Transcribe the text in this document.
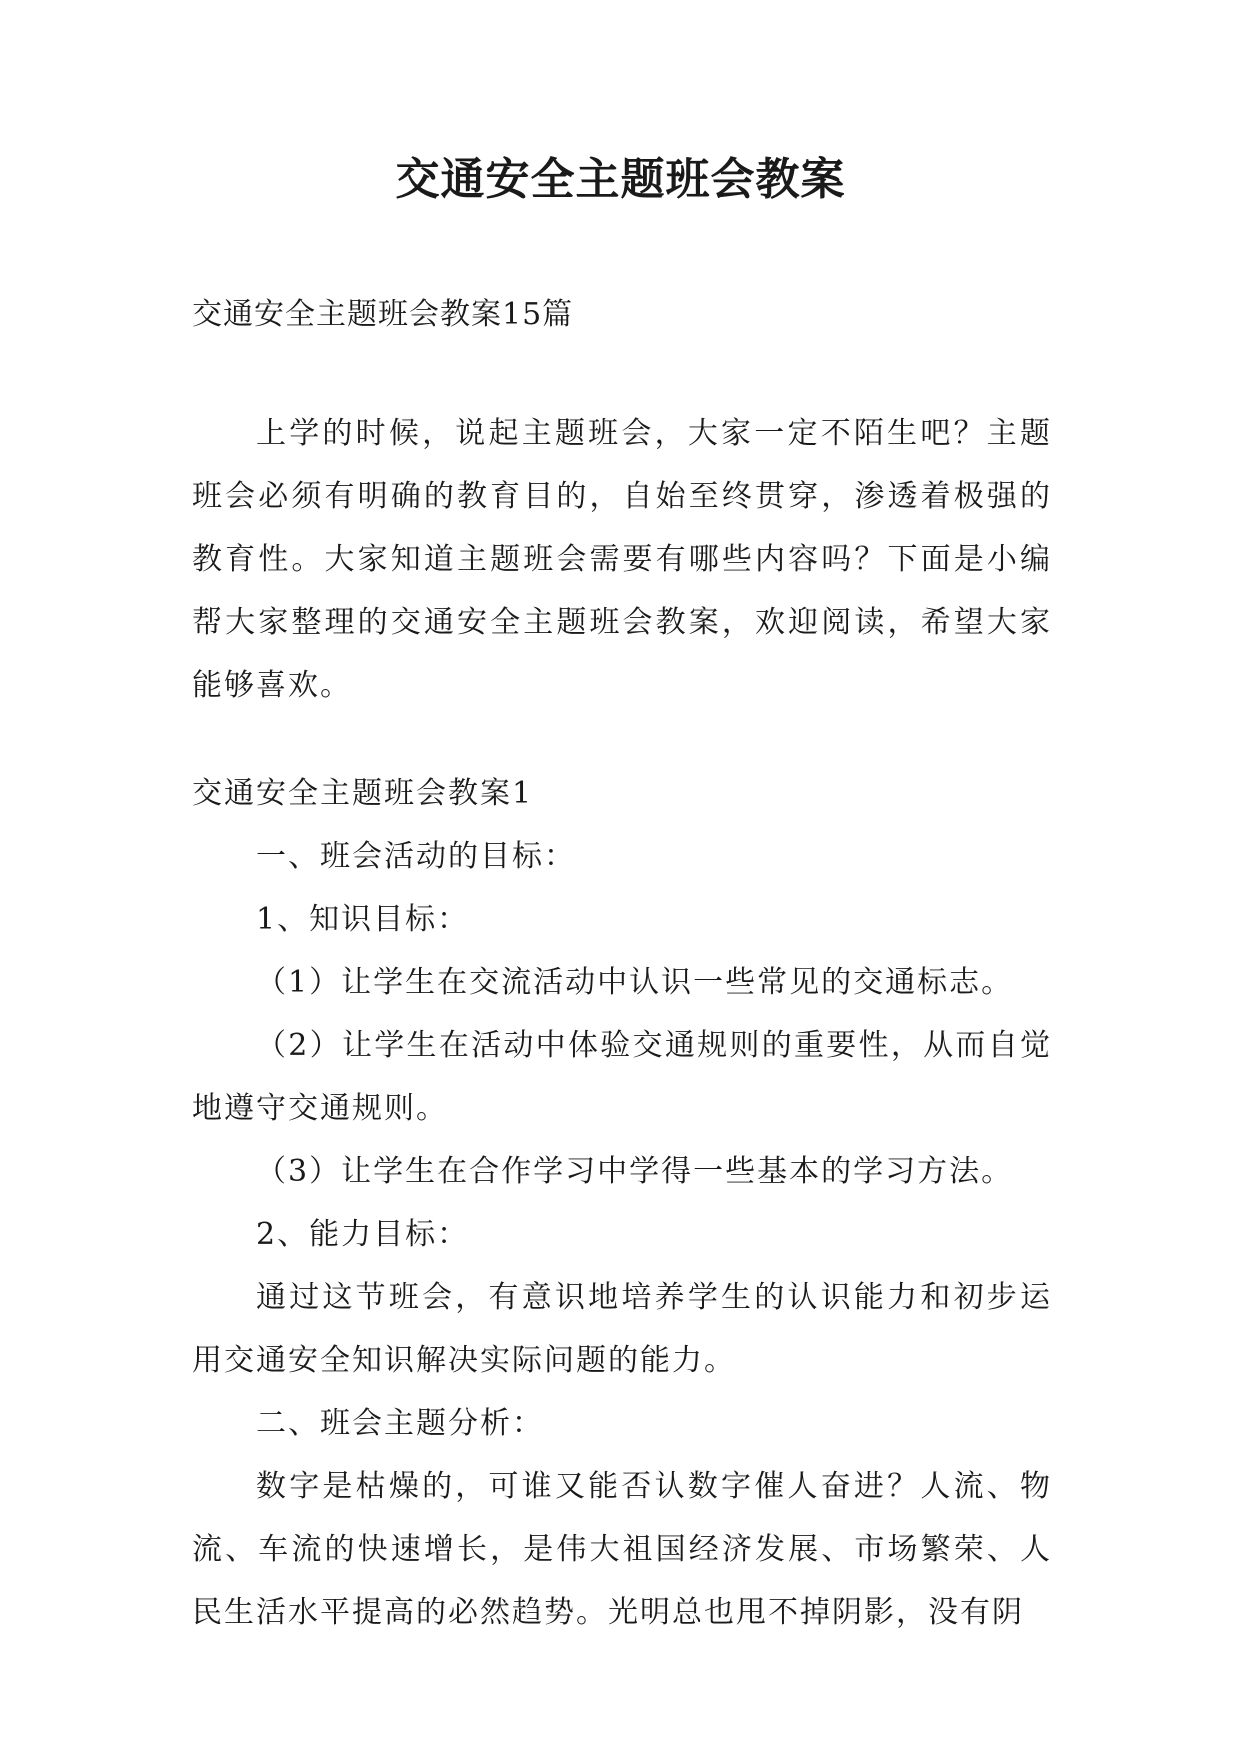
交通安全主题班会教案
交通安全主题班会教案15篇
上学的时候，说起主题班会，大家一定不陌生吧？主题班会必须有明确的教育目的，自始至终贯穿，渗透着极强的教育性。大家知道主题班会需要有哪些内容吗？下面是小编帮大家整理的交通安全主题班会教案，欢迎阅读，希望大家能够喜欢。

交通安全主题班会教案1

一、班会活动的目标：

1、知识目标：

（1）让学生在交流活动中认识一些常见的交通标志。

（2）让学生在活动中体验交通规则的重要性，从而自觉地遵守交通规则。

（3）让学生在合作学习中学得一些基本的学习方法。

2、能力目标：

通过这节班会，有意识地培养学生的认识能力和初步运用交通安全知识解决实际问题的能力。

二、班会主题分析：

数字是枯燥的，可谁又能否认数字催人奋进？人流、物流、车流的快速增长，是伟大祖国经济发展、市场繁荣、人民生活水平提高的必然趋势。光明总也甩不掉阴影，没有阴
